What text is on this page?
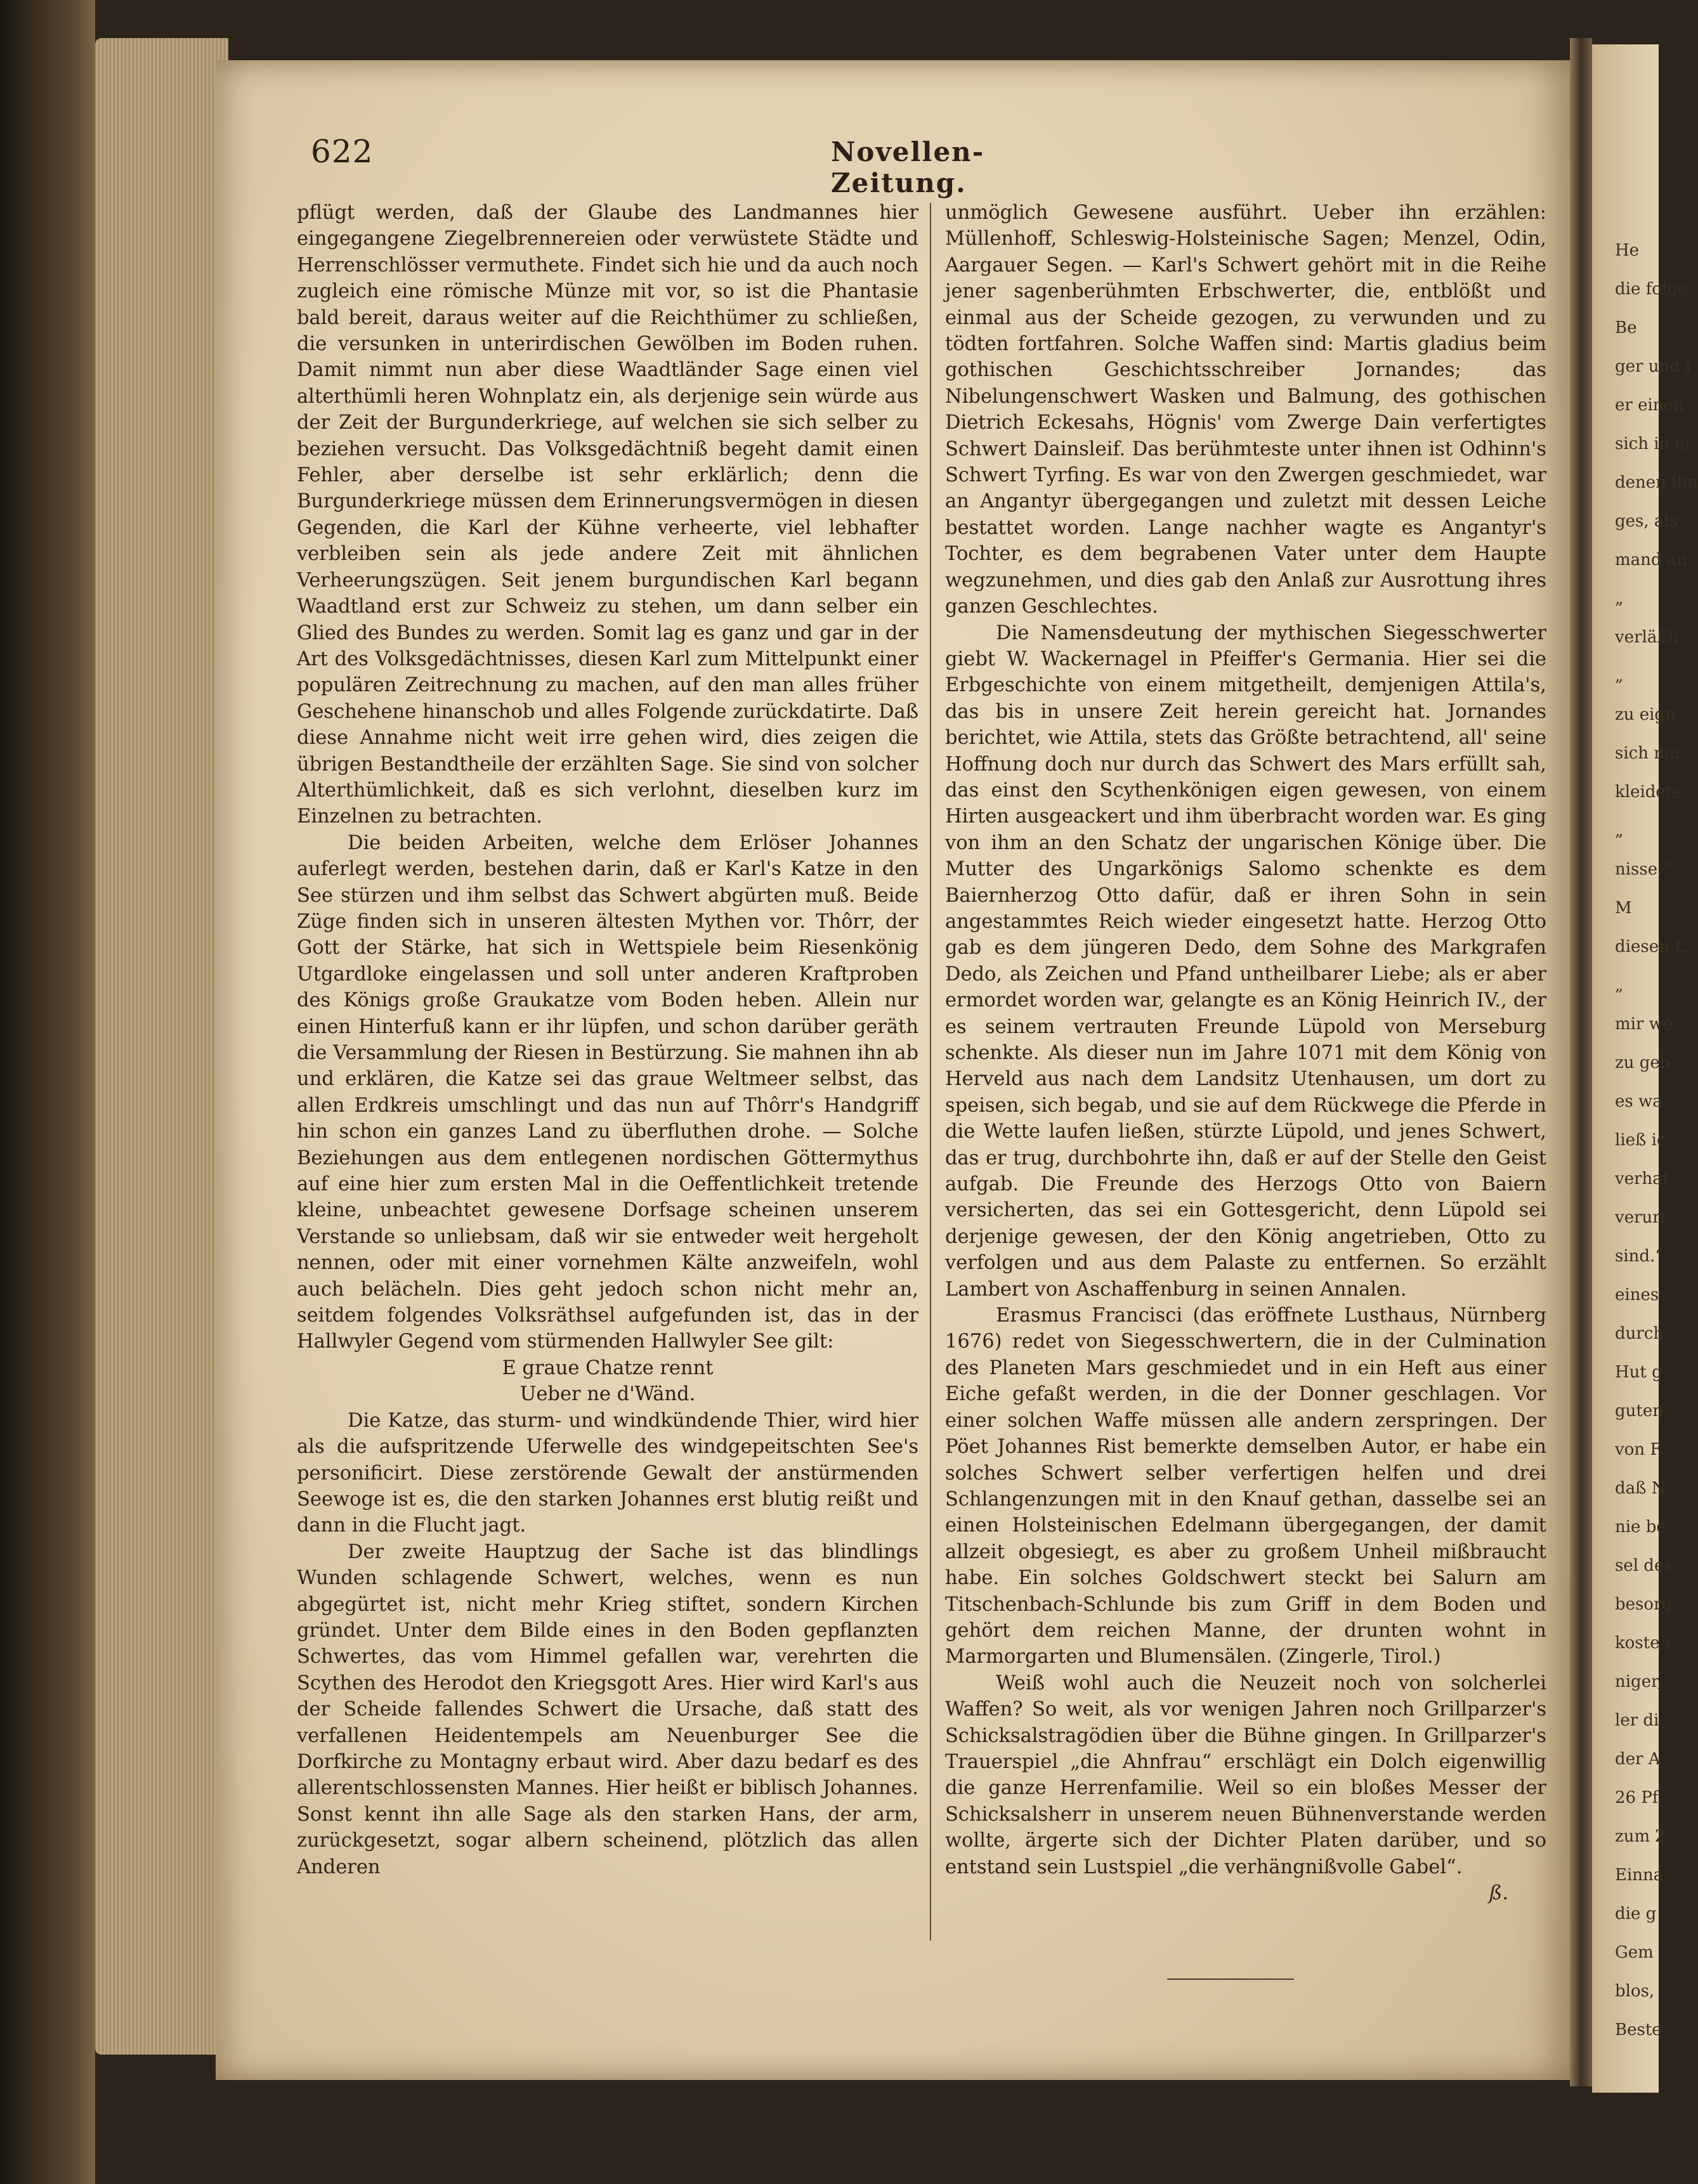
622	Novellen-Zeitung.

pflügt werden, daß der Glaube des Landmannes hier eingegangene Ziegelbrennereien oder verwüstete Städte und Herrenschlösser vermuthete. Findet sich hie und da auch noch zugleich eine römische Münze mit vor, so ist die Phantasie bald bereit, daraus weiter auf die Reichthümer zu schließen, die versunken in unterirdischen Gewölben im Boden ruhen. Damit nimmt nun aber diese Waadtländer Sage einen viel alterthümli heren Wohnplatz ein, als derjenige sein würde aus der Zeit der Burgunderkriege, auf welchen sie sich selber zu beziehen versucht. Das Volksgedächtniß begeht damit einen Fehler, aber derselbe ist sehr erklärlich; denn die Burgunderkriege müssen dem Erinnerungsvermögen in diesen Gegenden, die Karl der Kühne verheerte, viel lebhafter verbleiben sein als jede andere Zeit mit ähnlichen Verheerungszügen. Seit jenem burgundischen Karl begann Waadtland erst zur Schweiz zu stehen, um dann selber ein Glied des Bundes zu werden. Somit lag es ganz und gar in der Art des Volksgedächtnisses, diesen Karl zum Mittelpunkt einer populären Zeitrechnung zu machen, auf den man alles früher Geschehene hinanschob und alles Folgende zurückdatirte. Daß diese Annahme nicht weit irre gehen wird, dies zeigen die übrigen Bestandtheile der erzählten Sage. Sie sind von solcher Alterthümlichkeit, daß es sich verlohnt, dieselben kurz im Einzelnen zu betrachten.

Die beiden Arbeiten, welche dem Erlöser Johannes auferlegt werden, bestehen darin, daß er Karl's Katze in den See stürzen und ihm selbst das Schwert abgürten muß. Beide Züge finden sich in unseren ältesten Mythen vor. Thôrr, der Gott der Stärke, hat sich in Wettspiele beim Riesenkönig Utgardloke eingelassen und soll unter anderen Kraftproben des Königs große Graukatze vom Boden heben. Allein nur einen Hinterfuß kann er ihr lüpfen, und schon darüber geräth die Versammlung der Riesen in Bestürzung. Sie mahnen ihn ab und erklären, die Katze sei das graue Weltmeer selbst, das allen Erdkreis umschlingt und das nun auf Thôrr's Handgriff hin schon ein ganzes Land zu überfluthen drohe. — Solche Beziehungen aus dem entlegenen nordischen Göttermythus auf eine hier zum ersten Mal in die Oeffentlichkeit tretende kleine, unbeachtet gewesene Dorfsage scheinen unserem Verstande so unliebsam, daß wir sie entweder weit hergeholt nennen, oder mit einer vornehmen Kälte anzweifeln, wohl auch belächeln. Dies geht jedoch schon nicht mehr an, seitdem folgendes Volksräthsel aufgefunden ist, das in der Hallwyler Gegend vom stürmenden Hallwyler See gilt:

E graue Chatze rennt
Ueber ne d'Wänd.

Die Katze, das sturm- und windkündende Thier, wird hier als die aufspritzende Uferwelle des windgepeitschten See's personificirt. Diese zerstörende Gewalt der anstürmenden Seewoge ist es, die den starken Johannes erst blutig reißt und dann in die Flucht jagt.

Der zweite Hauptzug der Sache ist das blindlings Wunden schlagende Schwert, welches, wenn es nun abgegürtet ist, nicht mehr Krieg stiftet, sondern Kirchen gründet. Unter dem Bilde eines in den Boden gepflanzten Schwertes, das vom Himmel gefallen war, verehrten die Scythen des Herodot den Kriegsgott Ares. Hier wird Karl's aus der Scheide fallendes Schwert die Ursache, daß statt des verfallenen Heidentempels am Neuenburger See die Dorfkirche zu Montagny erbaut wird. Aber dazu bedarf es des allerentschlossensten Mannes. Hier heißt er biblisch Johannes. Sonst kennt ihn alle Sage als den starken Hans, der arm, zurückgesetzt, sogar albern scheinend, plötzlich das allen Anderen

unmöglich Gewesene ausführt. Ueber ihn erzählen: Müllenhoff, Schleswig-Holsteinische Sagen; Menzel, Odin, Aargauer Segen. — Karl's Schwert gehört mit in die Reihe jener sagenberühmten Erbschwerter, die, entblößt und einmal aus der Scheide gezogen, zu verwunden und zu tödten fortfahren. Solche Waffen sind: Martis gladius beim gothischen Geschichtsschreiber Jornandes; das Nibelungenschwert Wasken und Balmung, des gothischen Dietrich Eckesahs, Högnis' vom Zwerge Dain verfertigtes Schwert Dainsleif. Das berühmteste unter ihnen ist Odhinn's Schwert Tyrfing. Es war von den Zwergen geschmiedet, war an Angantyr übergegangen und zuletzt mit dessen Leiche bestattet worden. Lange nachher wagte es Angantyr's Tochter, es dem begrabenen Vater unter dem Haupte wegzunehmen, und dies gab den Anlaß zur Ausrottung ihres ganzen Geschlechtes.

Die Namensdeutung der mythischen Siegesschwerter giebt W. Wackernagel in Pfeiffer's Germania. Hier sei die Erbgeschichte von einem mitgetheilt, demjenigen Attila's, das bis in unsere Zeit herein gereicht hat. Jornandes berichtet, wie Attila, stets das Größte betrachtend, all' seine Hoffnung doch nur durch das Schwert des Mars erfüllt sah, das einst den Scythenkönigen eigen gewesen, von einem Hirten ausgeackert und ihm überbracht worden war. Es ging von ihm an den Schatz der ungarischen Könige über. Die Mutter des Ungarkönigs Salomo schenkte es dem Baiernherzog Otto dafür, daß er ihren Sohn in sein angestammtes Reich wieder eingesetzt hatte. Herzog Otto gab es dem jüngeren Dedo, dem Sohne des Markgrafen Dedo, als Zeichen und Pfand untheilbarer Liebe; als er aber ermordet worden war, gelangte es an König Heinrich IV., der es seinem vertrauten Freunde Lüpold von Merseburg schenkte. Als dieser nun im Jahre 1071 mit dem König von Herveld aus nach dem Landsitz Utenhausen, um dort zu speisen, sich begab, und sie auf dem Rückwege die Pferde in die Wette laufen ließen, stürzte Lüpold, und jenes Schwert, das er trug, durchbohrte ihn, daß er auf der Stelle den Geist aufgab. Die Freunde des Herzogs Otto von Baiern versicherten, das sei ein Gottesgericht, denn Lüpold sei derjenige gewesen, der den König angetrieben, Otto zu verfolgen und aus dem Palaste zu entfernen. So erzählt Lambert von Aschaffenburg in seinen Annalen.

Erasmus Francisci (das eröffnete Lusthaus, Nürnberg 1676) redet von Siegesschwertern, die in der Culmination des Planeten Mars geschmiedet und in ein Heft aus einer Eiche gefaßt werden, in die der Donner geschlagen. Vor einer solchen Waffe müssen alle andern zerspringen. Der Pöet Johannes Rist bemerkte demselben Autor, er habe ein solches Schwert selber verfertigen helfen und drei Schlangenzungen mit in den Knauf gethan, dasselbe sei an einen Holsteinischen Edelmann übergegangen, der damit allzeit obgesiegt, es aber zu großem Unheil mißbraucht habe. Ein solches Goldschwert steckt bei Salurn am Titschenbach-Schlunde bis zum Griff in dem Boden und gehört dem reichen Manne, der drunten wohnt in Marmorgarten und Blumensälen. (Zingerle, Tirol.)

Weiß wohl auch die Neuzeit noch von solcherlei Waffen? So weit, als vor wenigen Jahren noch Grillparzer's Schicksalstragödien über die Bühne gingen. In Grillparzer's Trauerspiel „die Ahnfrau“ erschlägt ein Dolch eigenwillig die ganze Herrenfamilie. Weil so ein bloßes Messer der Schicksalsherr in unserem neuen Bühnenverstande werden wollte, ärgerte sich der Dichter Platen darüber, und so entstand sein Lustspiel „die verhängnißvolle Gabel“.
ß.

He
die folge
Be
ger und f
er einen
sich in ei
denen ihn
ges, als
mand an
„
verläßli
„
zu eign
sich mu
kleidete
„
nisse.“
M
diesen L
„
mir we
zu geb
es wa
ließ ic
verhaf
verurt
sind.“
eines
durch
Hut g
guten
von F
daß N
nie be
sel des
besorg
koste i
niger,
ler di
der A
26 Pf
zum Z
Einna
die g
Gem
blos,
Beste
